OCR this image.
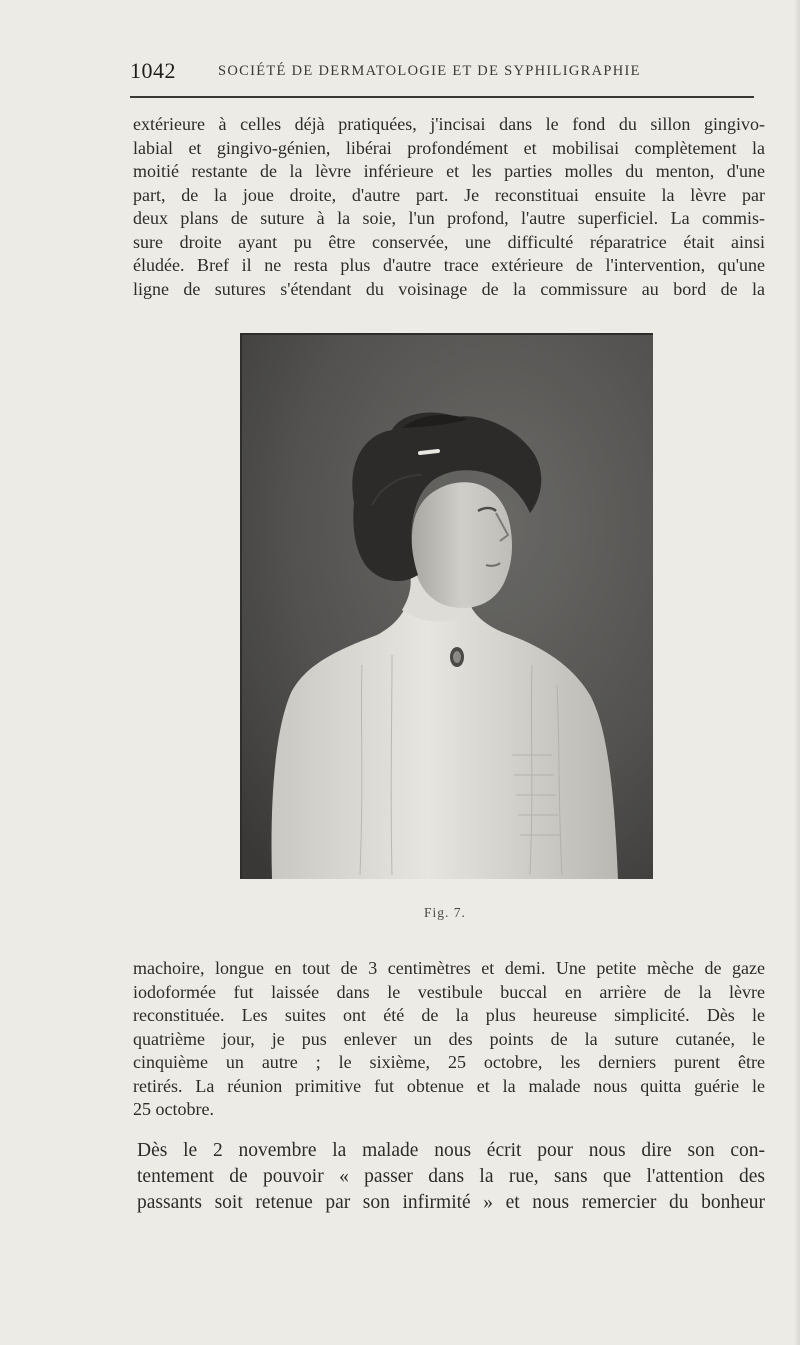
1042	SOCIÉTÉ DE DERMATOLOGIE ET DE SYPHILIGRAPHIE

extérieure à celles déjà pratiquées, j'incisai dans le fond du sillon gingivo-
labial et gingivo-génien, libérai profondément et mobilisai complètement la
moitié restante de la lèvre inférieure et les parties molles du menton, d'une
part, de la joue droite, d'autre part. Je reconstituai ensuite la lèvre par
deux plans de suture à la soie, l'un profond, l'autre superficiel. La commis-
sure droite ayant pu être conservée, une difficulté réparatrice était ainsi
éludée. Bref il ne resta plus d'autre trace extérieure de l'intervention, qu'une
ligne de sutures s'étendant du voisinage de la commissure au bord de la

Fig. 7.

machoire, longue en tout de 3 centimètres et demi. Une petite mèche de gaze
iodoformée fut laissée dans le vestibule buccal en arrière de la lèvre
reconstituée. Les suites ont été de la plus heureuse simplicité. Dès le
quatrième jour, je pus enlever un des points de la suture cutanée, le
cinquième un autre ; le sixième, 25 octobre, les derniers purent être
retirés. La réunion primitive fut obtenue et la malade nous quitta guérie le
25 octobre.

Dès le 2 novembre la malade nous écrit pour nous dire son con-
tentement de pouvoir « passer dans la rue, sans que l'attention des
passants soit retenue par son infirmité » et nous remercier du bonheur
